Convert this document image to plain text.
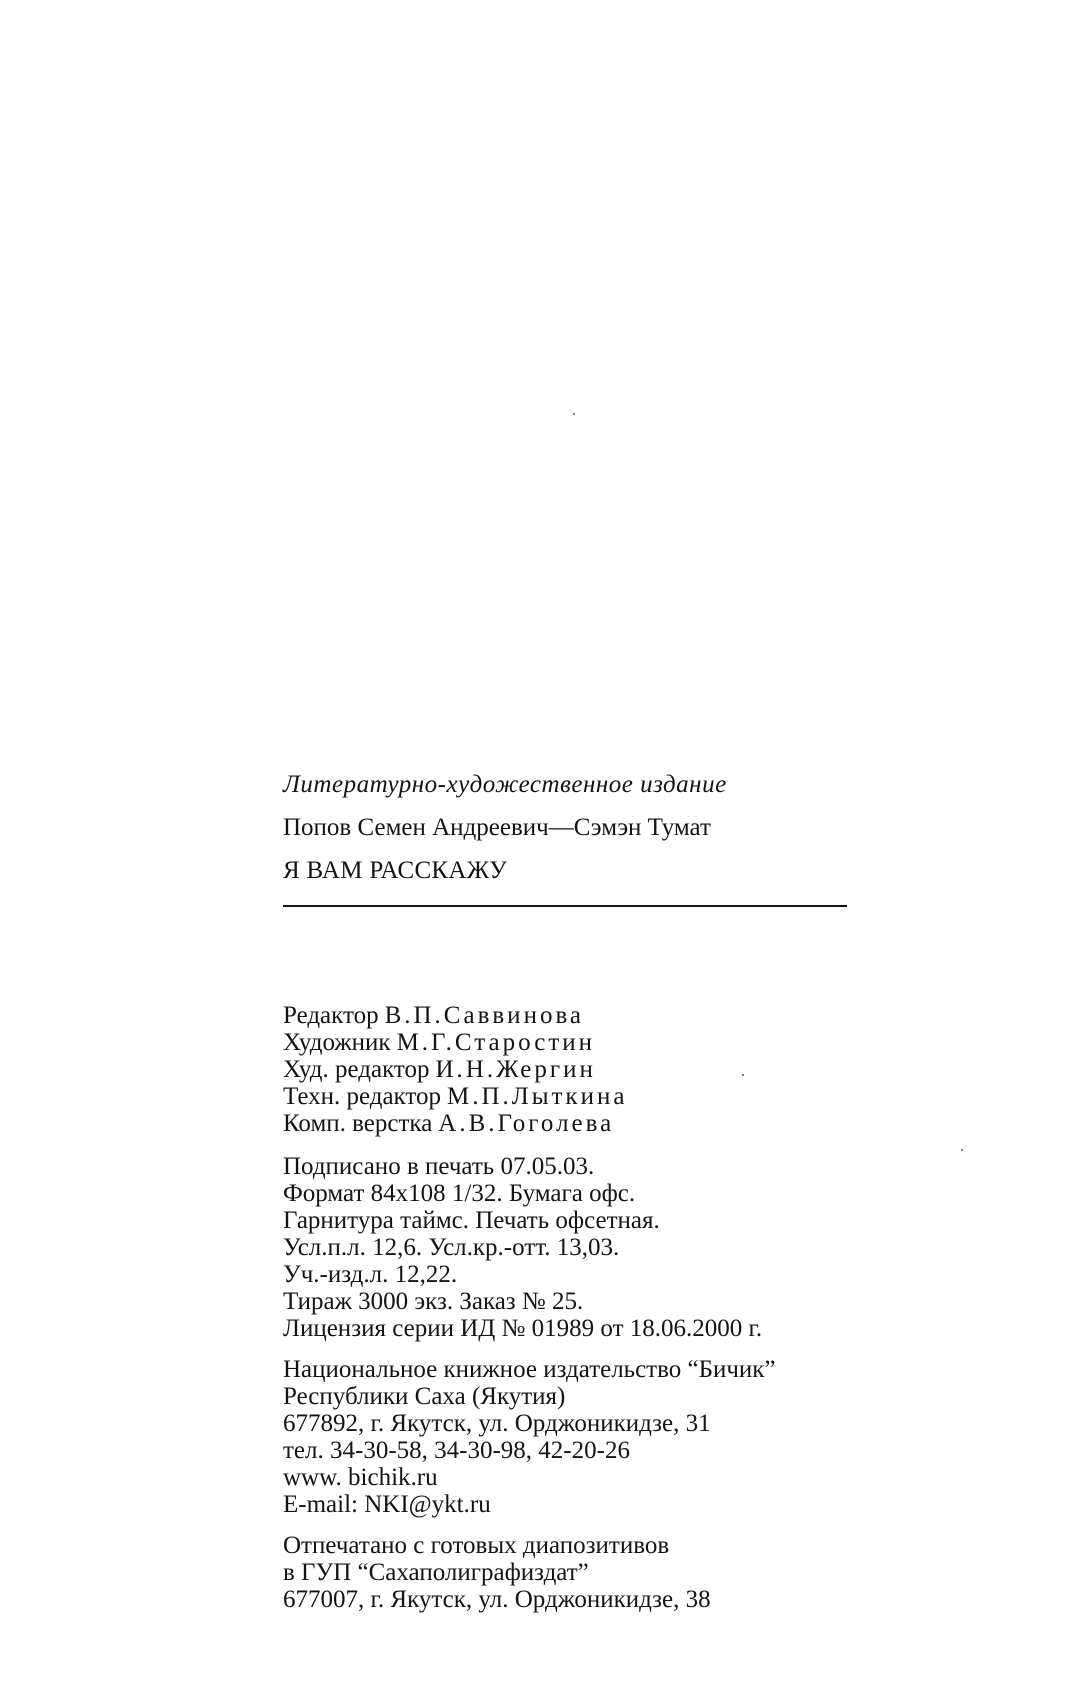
Литературно-художественное издание
Попов Семен Андреевич—Сэмэн Тумат
Я ВАМ РАССКАЖУ
Редактор В.П.Саввинова
Художник М.Г.Старостин
Худ. редактор И.Н.Жергин
Техн. редактор М.П.Лыткина
Комп. верстка А.В.Гоголева
Подписано в печать 07.05.03.
Формат 84x108 1/32. Бумага офс.
Гарнитура таймс. Печать офсетная.
Усл.п.л. 12,6. Усл.кр.-отт. 13,03.
Уч.-изд.л. 12,22.
Тираж 3000 экз. Заказ № 25.
Лицензия серии ИД № 01989 от 18.06.2000 г.
Национальное книжное издательство “Бичик”
Республики Саха (Якутия)
677892, г. Якутск, ул. Орджоникидзе, 31
тел. 34-30-58, 34-30-98, 42-20-26
www. bichik.ru
E-mail: NKI@ykt.ru
Отпечатано с готовых диапозитивов
в ГУП “Сахаполиграфиздат”
677007, г. Якутск, ул. Орджоникидзе, 38
